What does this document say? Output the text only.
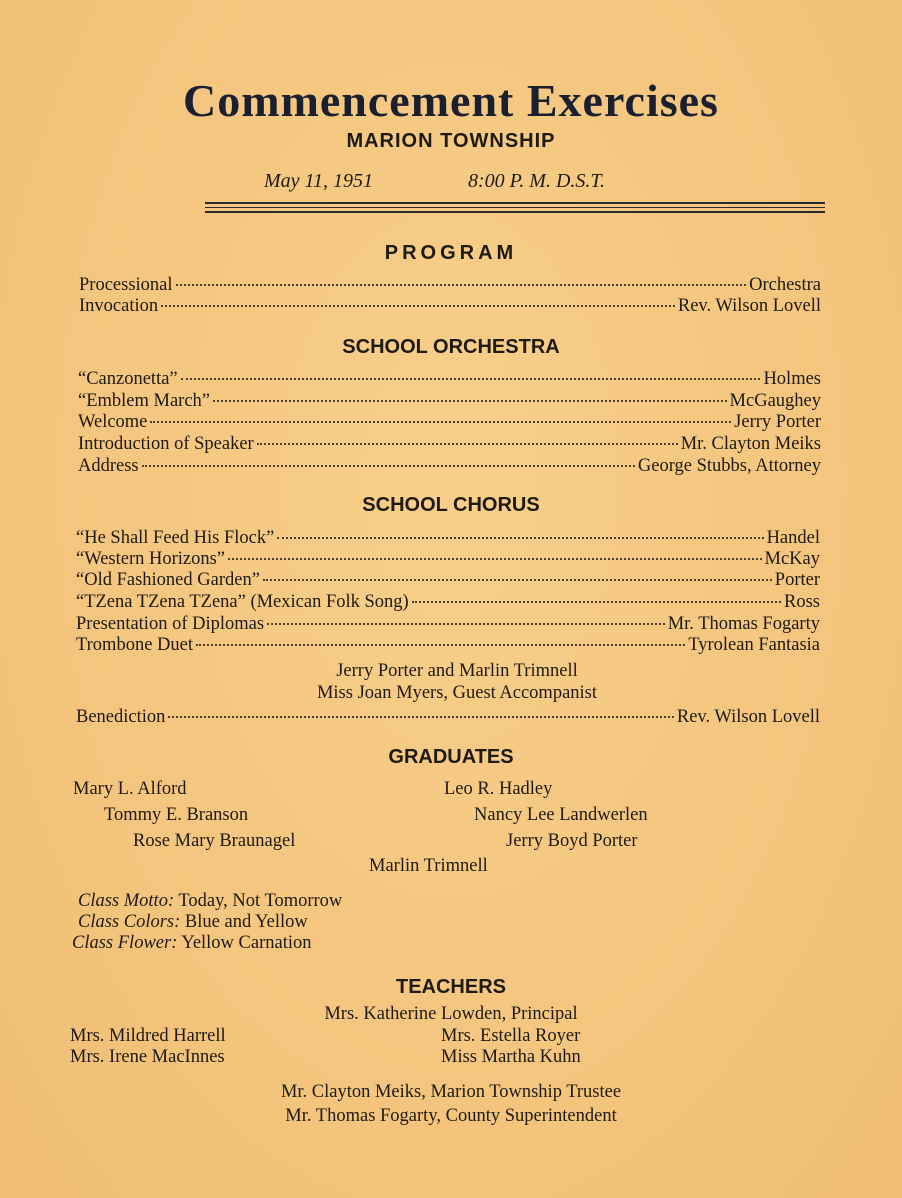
Commencement Exercises
MARION TOWNSHIP
May 11, 1951	8:00 P. M. D.S.T.
PROGRAM
Processional	Orchestra
Invocation	Rev. Wilson Lovell
SCHOOL ORCHESTRA
“Canzonetta”	Holmes
“Emblem March”	McGaughey
Welcome	Jerry Porter
Introduction of Speaker	Mr. Clayton Meiks
Address	George Stubbs, Attorney
SCHOOL CHORUS
“He Shall Feed His Flock”	Handel
“Western Horizons”	McKay
“Old Fashioned Garden”	Porter
“TZena TZena TZena” (Mexican Folk Song)	Ross
Presentation of Diplomas	Mr. Thomas Fogarty
Trombone Duet	Tyrolean Fantasia
Jerry Porter and Marlin Trimnell
Miss Joan Myers, Guest Accompanist
Benediction	Rev. Wilson Lovell
GRADUATES
Mary L. Alford	Leo R. Hadley
Tommy E. Branson	Nancy Lee Landwerlen
Rose Mary Braunagel	Jerry Boyd Porter
Marlin Trimnell
Class Motto: Today, Not Tomorrow
Class Colors: Blue and Yellow
Class Flower: Yellow Carnation
TEACHERS
Mrs. Katherine Lowden, Principal
Mrs. Mildred Harrell	Mrs. Estella Royer
Mrs. Irene MacInnes	Miss Martha Kuhn
Mr. Clayton Meiks, Marion Township Trustee
Mr. Thomas Fogarty, County Superintendent
